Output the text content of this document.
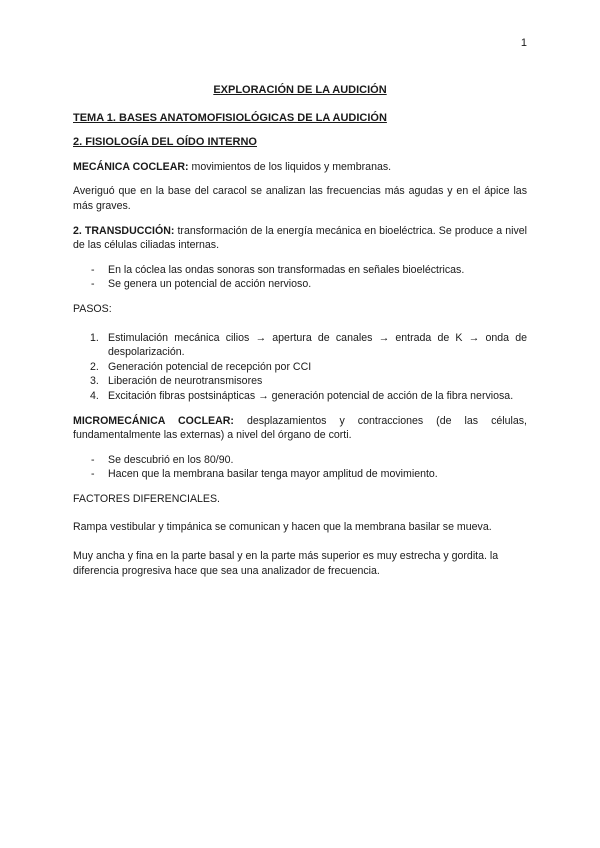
1
EXPLORACIÓN DE LA AUDICIÓN
TEMA 1. BASES ANATOMOFISIOLÓGICAS DE LA AUDICIÓN
2. FISIOLOGÍA DEL OÍDO INTERNO

MECÁNICA COCLEAR: movimientos de los liquidos y membranas.

Averiguó que en la base del caracol se analizan las frecuencias más agudas y en el ápice las más graves.

2. TRANSDUCCIÓN: transformación de la energía mecánica en bioeléctrica. Se produce a nivel de las células ciliadas internas.

- En la cóclea las ondas sonoras son transformadas en señales bioeléctricas.
- Se genera un potencial de acción nervioso.

PASOS:

1. Estimulación mecánica cilios → apertura de canales → entrada de K → onda de despolarización.
2. Generación potencial de recepción por CCI
3. Liberación de neurotransmisores
4. Excitación fibras postsinápticas → generación potencial de acción de la fibra nerviosa.

MICROMECÁNICA COCLEAR: desplazamientos y contracciones (de las células, fundamentalmente las externas) a nivel del órgano de corti.

- Se descubrió en los 80/90.
- Hacen que la membrana basilar tenga mayor amplitud de movimiento.

FACTORES DIFERENCIALES.

Rampa vestibular y timpánica se comunican y hacen que la membrana basilar se mueva.

Muy ancha y fina en la parte basal y en la parte más superior es muy estrecha y gordita. la diferencia progresiva hace que sea una analizador de frecuencia.
